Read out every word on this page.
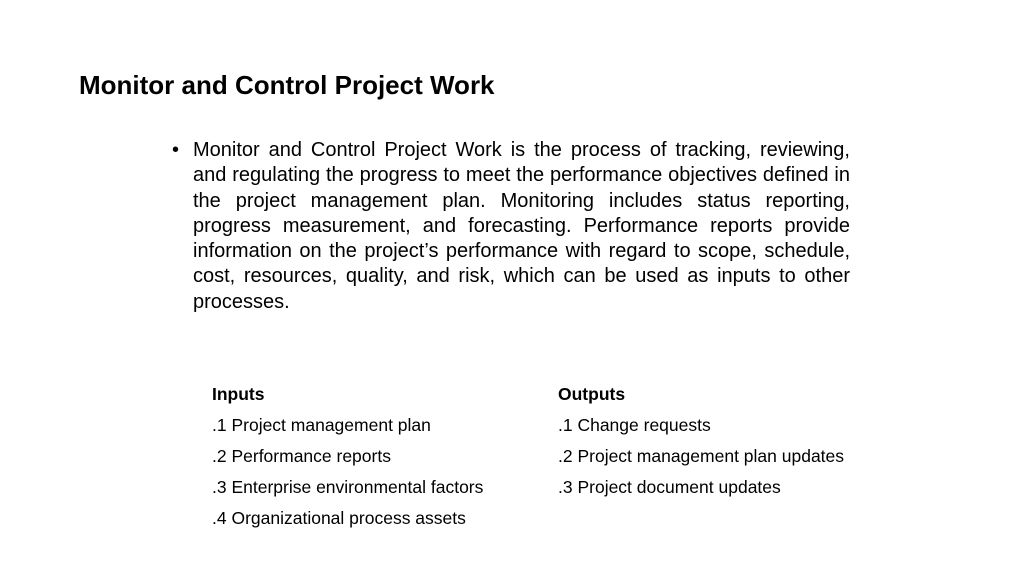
Monitor and Control Project Work
• Monitor and Control Project Work is the process of tracking, reviewing, and regulating the progress to meet the performance objectives defined in the project management plan. Monitoring includes status reporting, progress measurement, and forecasting. Performance reports provide information on the project’s performance with regard to scope, schedule, cost, resources, quality, and risk, which can be used as inputs to other processes.

Inputs
.1 Project management plan
.2 Performance reports
.3 Enterprise environmental factors
.4 Organizational process assets
Outputs
.1 Change requests
.2 Project management plan updates
.3 Project document updates
